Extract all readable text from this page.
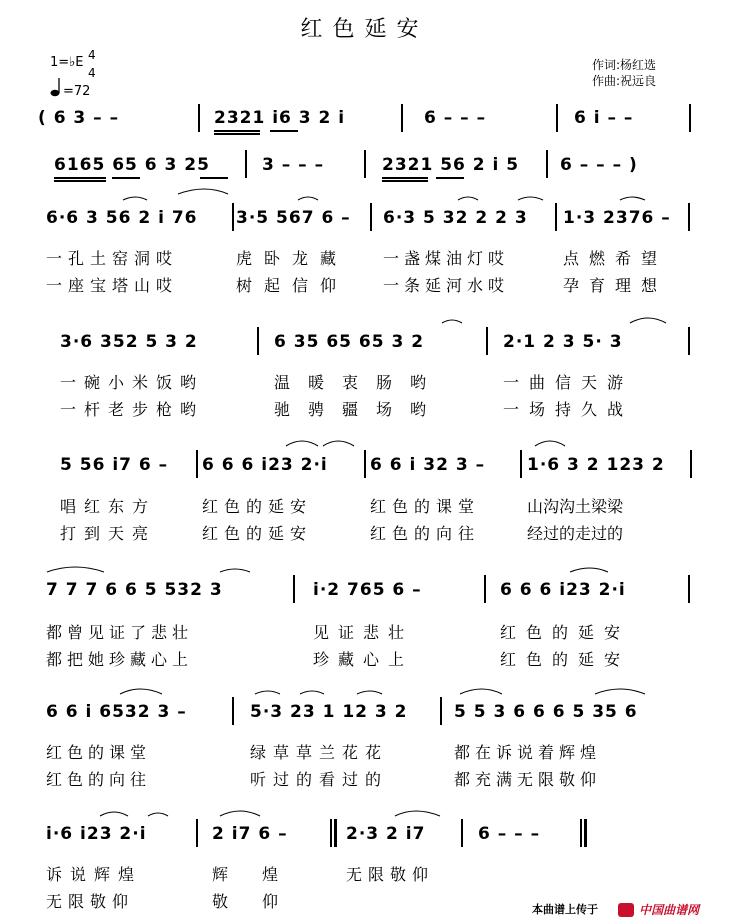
红色延安
1=♭E 4
4
=72
作词:杨红选
作曲:祝远良
( 6 3 – –	2321 i6 3 2 i	6 – – –	6 i – –
6165 65 6 3 25	3 – – –	2321 56 2 i 5 6 – – – )
6·6 3 56 2 i 76 3·5 567 6 – 6·3 5 32 2 2 3 1·3 2376 –
一孔土窑洞哎	虎卧龙藏 一盏煤油灯哎	点燃希望
一座宝塔山哎	树起信仰 一条延河水哎	孕育理想
3·6 352 5 3 2	6 35 65 65 3 2	2·1 2 3 5· 3
一碗小米饭哟	温暖衷肠哟	一曲信天游
一杆老步枪哟	驰骋疆场哟	一场持久战
5 56 i7 6 – 6 6 6 i23 2·i 6 6 i 32 3 – 1·6 3 2 123 2
唱红东方	红色的延安	红色的课堂	山沟沟土梁梁
打到天亮	红色的延安	红色的向往	经过的走过的
7 7 7 6 6 5 532 3	i·2 765 6 –	6 6 6 i23 2·i
都曾见证了悲壮	见证悲壮	红色的延安
都把她珍藏心上	珍藏心上	红色的延安
6 6 i 6532 3 –	5·3 23 1 12 3 2	5 5 3 6 6 6 5 35 6
红色的课堂	绿草草兰花花	都在诉说着辉煌
红色的向往	听过的看过的	都充满无限敬仰
i·6 i23 2·i	2 i7 6 –	2·3 2 i7	6 – – –
诉说辉煌	辉煌 无限敬仰
无限敬仰	敬仰	本曲谱上传于	中国曲谱网
